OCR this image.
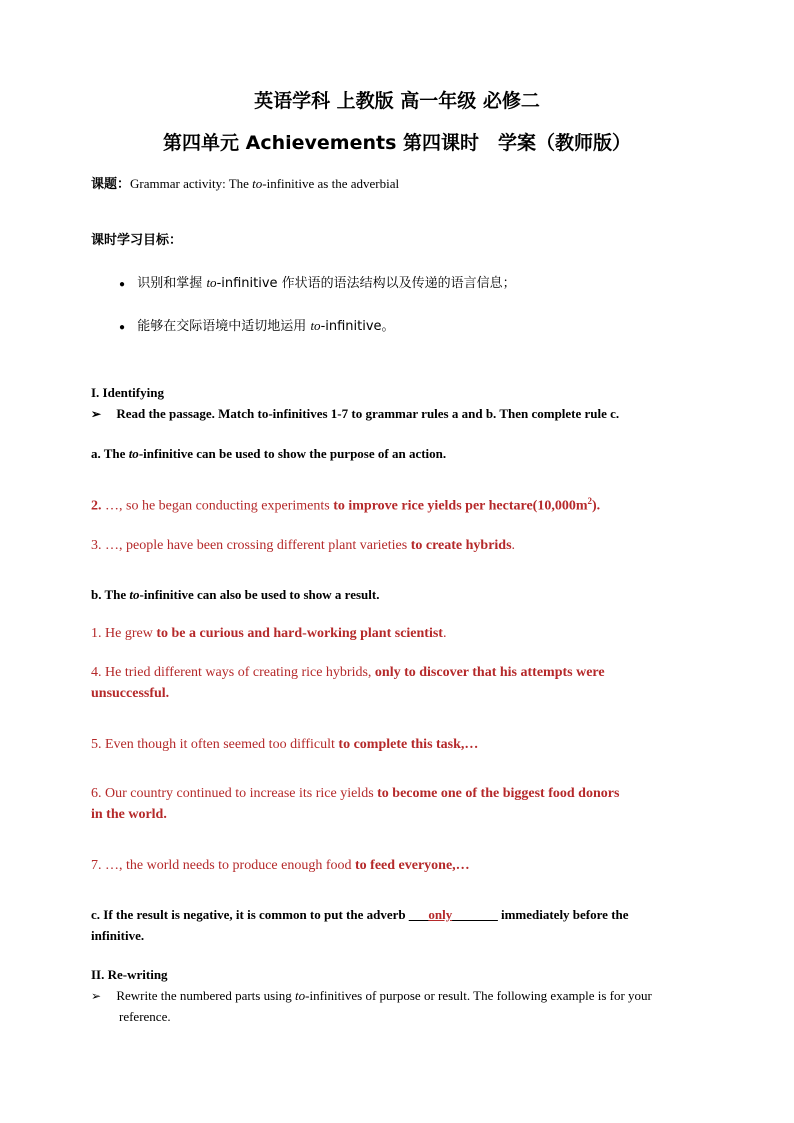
英语学科 上教版 高一年级 必修二
第四单元 Achievements 第四课时　学案（教师版）
课题：Grammar activity: The to-infinitive as the adverbial
课时学习目标：
● 识别和掌握 to-infinitive 作状语的语法结构以及传递的语言信息；
● 能够在交际语境中适切地运用 to-infinitive。
I. Identifying
➢ Read the passage. Match to-infinitives 1-7 to grammar rules a and b. Then complete rule c.
a. The to-infinitive can be used to show the purpose of an action.
2. …, so he began conducting experiments to improve rice yields per $hectare(10,000m^2)$.
3. …, people have been crossing different plant varieties to create hybrids.
b. The to-infinitive can also be used to show a result.
1. He grew to be a curious and hard-working plant scientist.
4. He tried different ways of creating rice hybrids, only to discover that his attempts were
unsuccessful.
5. Even though it often seemed too difficult to complete this task,…
6. Our country continued to increase its rice yields to become one of the biggest food donors
in the world.
7. …, the world needs to produce enough food to feed everyone,…
c. If the result is negative, it is common to put the adverb ___only_______ immediately before the
infinitive.
II. Re-writing
➢ Rewrite the numbered parts using to-infinitives of purpose or result. The following example is for your
reference.
